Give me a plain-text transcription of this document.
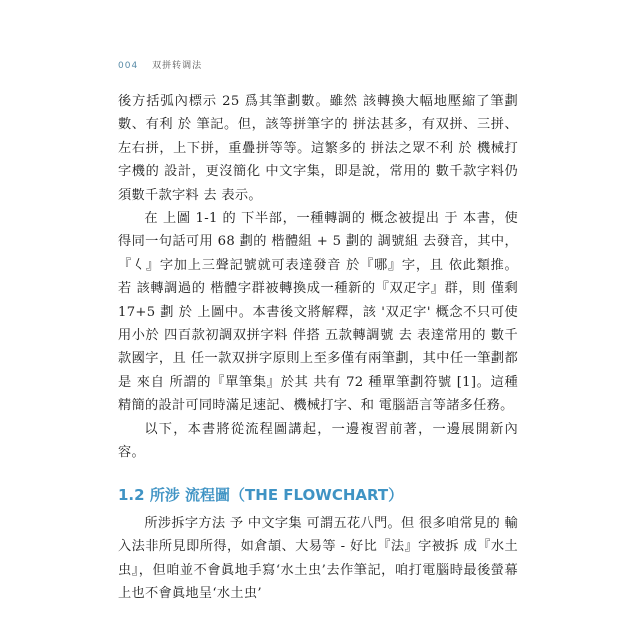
004 双拼转调法

後方括弧內標示 25 爲其筆劃數。雖然 該轉換大幅地壓縮了筆劃數、有利 於 筆記。但，該等拼筆字的 拼法甚多，有双拼、三拼、左右拼，上下拼，重疊拼等等。這繁多的 拼法之眾不利 於 機械打字機的 設計，更沒簡化 中文字集，即是說，常用的 數千款字料仍須數千款字料 去 表示。

在 上圖 1-1 的 下半部，一種轉調的 概念被提出 于 本書，使得同一句話可用 68 劃的 楷體組 + 5 劃的 調號組 去發音，其中，『𡿨』字加上三聲記號就可表達發音 於『哪』字，且 依此類推。若 該轉調過的 楷體字群被轉換成一種新的『双疋字』群，則 僅剩 17+5 劃 於 上圖中。本書後文將解釋，該 '双疋字' 概念不只可使用小於 四百款初調双拼字料 伴搭 五款轉調號 去 表達常用的 數千款國字，且 任一款双拼字原則上至多僅有兩筆劃，其中任一筆劃都是 來自 所謂的『單筆集』於其 共有 72 種單筆劃符號 [1]。這種精簡的設計可同時滿足速記、機械打字、和 電腦語言等諸多任務。

以下，本書將從流程圖講起，一邊複習前著，一邊展開新內容。

1.2 所涉 流程圖（THE FLOWCHART）

所涉拆字方法 予 中文字集 可謂五花八門。但 很多咱常見的 輸入法非所見即所得，如倉頡、大易等 - 好比『法』字被拆 成『水土虫』，但咱並不會眞地手寫‘水土虫’去作筆記，咱打電腦時最後螢幕上也不會眞地呈‘水土虫’
